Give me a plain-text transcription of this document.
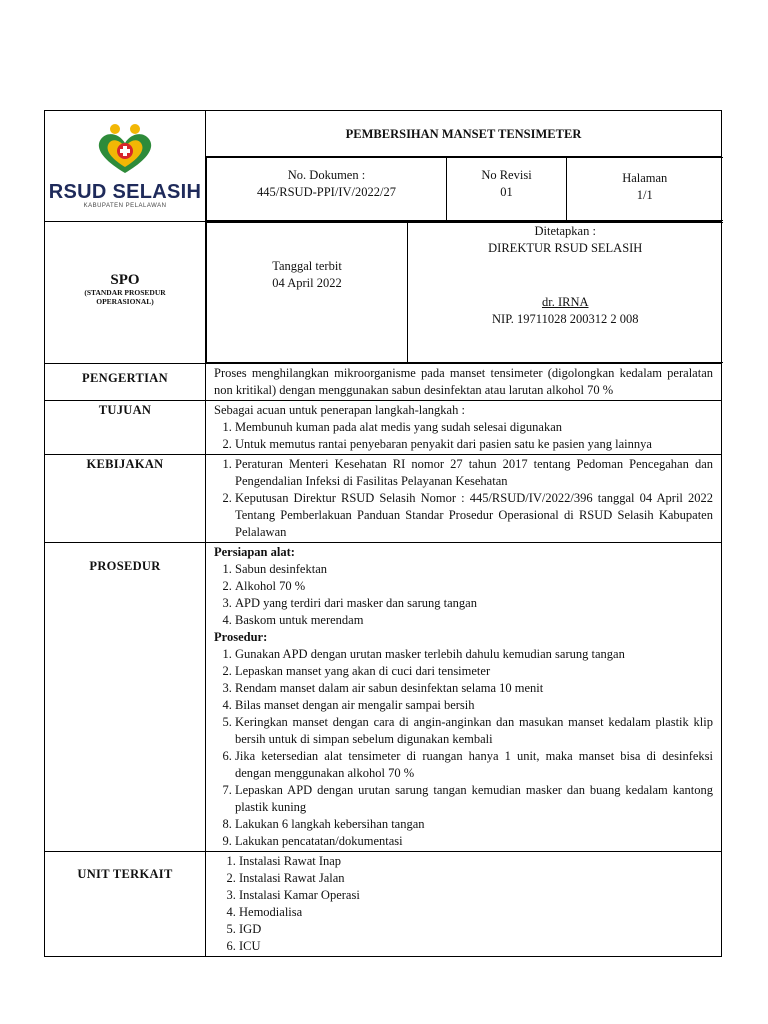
RSUD SELASIH
KABUPATEN PELALAWAN
	PEMBERSIHAN MANSET TENSIMETER

No. Dokumen :
445/RSUD-PPI/IV/2022/27

No Revisi
01

Halaman
1/1

SPO
(STANDAR PROSEDUR
OPERASIONAL)

Tanggal terbit
04 April 2022

Ditetapkan :
DIREKTUR RSUD SELASIH
dr. IRNA
NIP. 19711028 200312 2 008

PENGERTIAN	Proses menghilangkan mikroorganisme pada manset tensimeter (digolongkan kedalam peralatan non kritikal) dengan menggunakan sabun desinfektan atau larutan alkohol 70 %
TUJUAN	Sebagai acuan untuk penerapan langkah-langkah :
1. Membunuh kuman pada alat medis yang sudah selesai digunakan
2. Untuk memutus rantai penyebaran penyakit dari pasien satu ke pasien yang lainnya

KEBIJAKAN	
1.Peraturan Menteri Kesehatan RI nomor 27 tahun 2017 tentang Pedoman Pencegahan dan Pengendalian Infeksi di Fasilitas Pelayanan Kesehatan
2. Keputusan Direktur RSUD Selasih Nomor : 445/RSUD/IV/2022/396 tanggal 04 April 2022 Tentang Pemberlakuan Panduan Standar Prosedur Operasional di RSUD Selasih Kabupaten Pelalawan

PROSEDUR	
Persiapan alat:
1. Sabun desinfektan
2. Alkohol 70 %
3. APD yang terdiri dari masker dan sarung tangan
4. Baskom untuk merendam
Prosedur:
1. Gunakan APD dengan urutan masker terlebih dahulu kemudian sarung tangan
2. Lepaskan manset yang akan di cuci dari tensimeter
3. Rendam manset dalam air sabun desinfektan selama 10 menit
4. Bilas manset dengan air mengalir sampai bersih
5. Keringkan manset dengan cara di angin-anginkan dan masukan manset kedalam plastik klip bersih untuk di simpan sebelum digunakan kembali
6. Jika ketersedian alat tensimeter di ruangan hanya 1 unit, maka manset bisa di desinfeksi dengan menggunakan alkohol 70 %
7. Lepaskan APD dengan urutan sarung tangan kemudian masker dan buang kedalam kantong plastik kuning
8. Lakukan 6 langkah kebersihan tangan
9. Lakukan pencatatan/dokumentasi

UNIT TERKAIT	
1. Instalasi Rawat Inap
2. Instalasi Rawat Jalan
3. Instalasi Kamar Operasi
4. Hemodialisa
5. IGD
6. ICU
